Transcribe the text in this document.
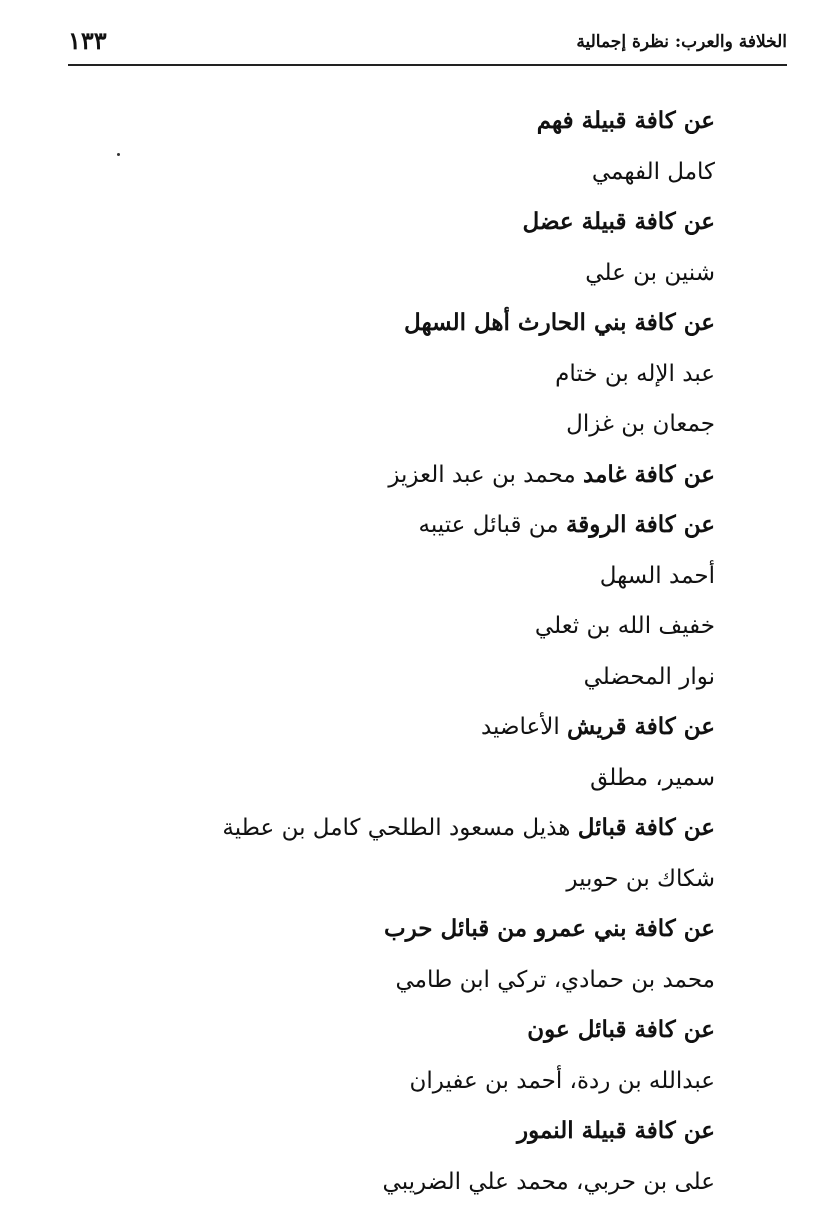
الخلافة والعرب: نظرة إجمالية
١٣٣
عن كافة قبيلة فهم
كامل الفهمي
عن كافة قبيلة عضل
شنين بن علي
عن كافة بني الحارث أهل السهل
عبد الإله بن ختام
جمعان بن غزال
عن كافة غامد محمد بن عبد العزيز
عن كافة الروقة من قبائل عتيبه
أحمد السهل
خفيف الله بن ثعلي
نوار المحضلي
عن كافة قريش الأعاضيد
سمير، مطلق
عن كافة قبائل هذيل مسعود الطلحي كامل بن عطية
شكاك بن حوبير
عن كافة بني عمرو من قبائل حرب
محمد بن حمادي، تركي ابن طامي
عن كافة قبائل عون
عبدالله بن ردة، أحمد بن عفيران
عن كافة قبيلة النمور
على بن حربي، محمد علي الضريبي
